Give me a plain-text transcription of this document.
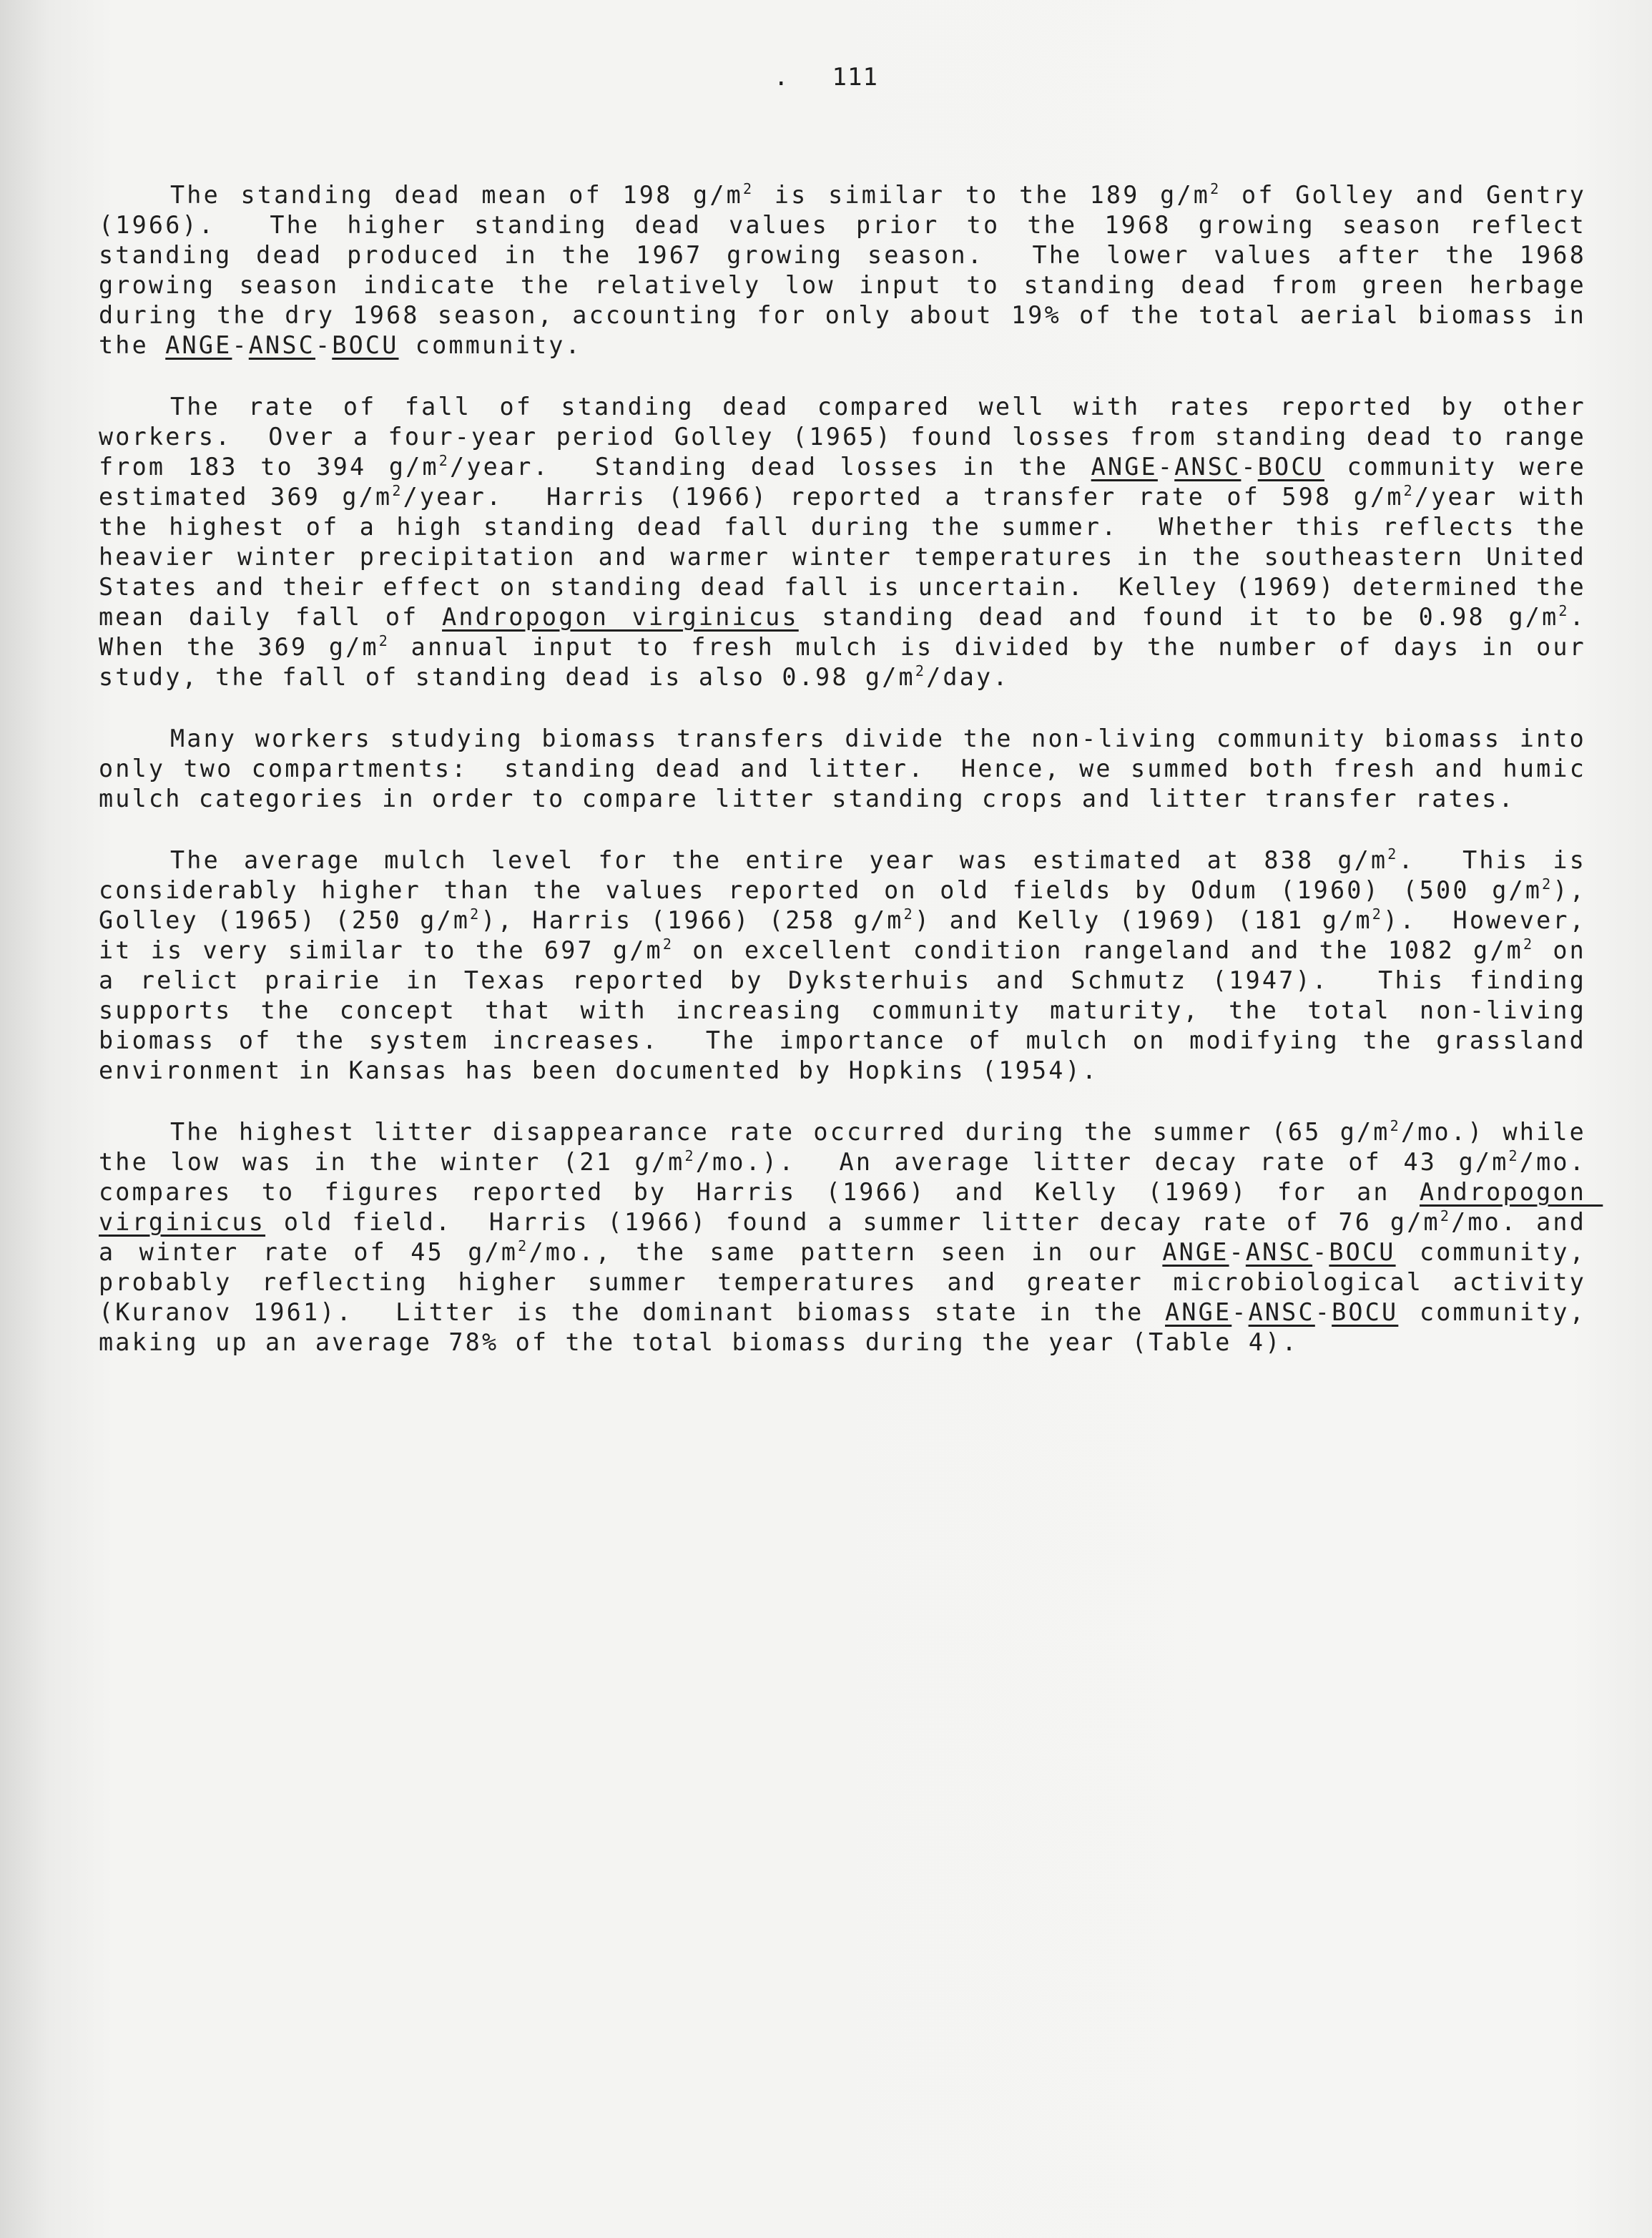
. 111

The standing dead mean of 198 $g/m^2$ is similar to the 189 $g/m^2$ of Golley and Gentry (1966).  The higher standing dead values prior to the 1968 growing season reflect standing dead produced in the 1967 growing season.  The lower values after the 1968 growing season indicate the relatively low input to standing dead from green herbage during the dry 1968 season, accounting for only about 19% of the total aerial biomass in the ANGE-ANSC-BOCU community.

The rate of fall of standing dead compared well with rates reported by other workers.  Over a four-year period Golley (1965) found losses from standing dead to range from 183 to 394 $g/m^2$/year.  Standing dead losses in the ANGE-ANSC-BOCU community were estimated 369 $g/m^2$/year.  Harris (1966) reported a transfer rate of 598 $g/m^2$/year with the highest of a high standing dead fall during the summer.  Whether this reflects the heavier winter precipitation and warmer winter temperatures in the southeastern United States and their effect on standing dead fall is uncertain.  Kelley (1969) determined the mean daily fall of Andropogon virginicus standing dead and found it to be 0.98 $g/m^2$.  When the 369 $g/m^2$ annual input to fresh mulch is divided by the number of days in our study, the fall of standing dead is also 0.98 $g/m^2$/day.

Many workers studying biomass transfers divide the non-living community biomass into only two compartments:  standing dead and litter.  Hence, we summed both fresh and humic mulch categories in order to compare litter standing crops and litter transfer rates.

The average mulch level for the entire year was estimated at 838 $g/m^2$.  This is considerably higher than the values reported on old fields by Odum (1960) (500 $g/m^2$), Golley (1965) (250 $g/m^2$), Harris (1966) (258 $g/m^2$) and Kelly (1969) (181 $g/m^2$).  However, it is very similar to the 697 $g/m^2$ on excellent condition rangeland and the 1082 $g/m^2$ on a relict prairie in Texas reported by Dyksterhuis and Schmutz (1947).  This finding supports the concept that with increasing community maturity, the total non-living biomass of the system increases.  The importance of mulch on modifying the grassland environment in Kansas has been documented by Hopkins (1954).

The highest litter disappearance rate occurred during the summer (65 $g/m^2/mo$.) while the low was in the winter (21 $g/m^2/mo$.).  An average litter decay rate of 43 $g/m^2/mo$. compares to figures reported by Harris (1966) and Kelly (1969) for an Andropogon virginicus old field.  Harris (1966) found a summer litter decay rate of 76 $g/m^2/mo$. and a winter rate of 45 $g/m^2/mo$., the same pattern seen in our ANGE-ANSC-BOCU community, probably reflecting higher summer temperatures and greater microbiological activity (Kuranov 1961).  Litter is the dominant biomass state in the ANGE-ANSC-BOCU community, making up an average 78% of the total biomass during the year (Table 4).
